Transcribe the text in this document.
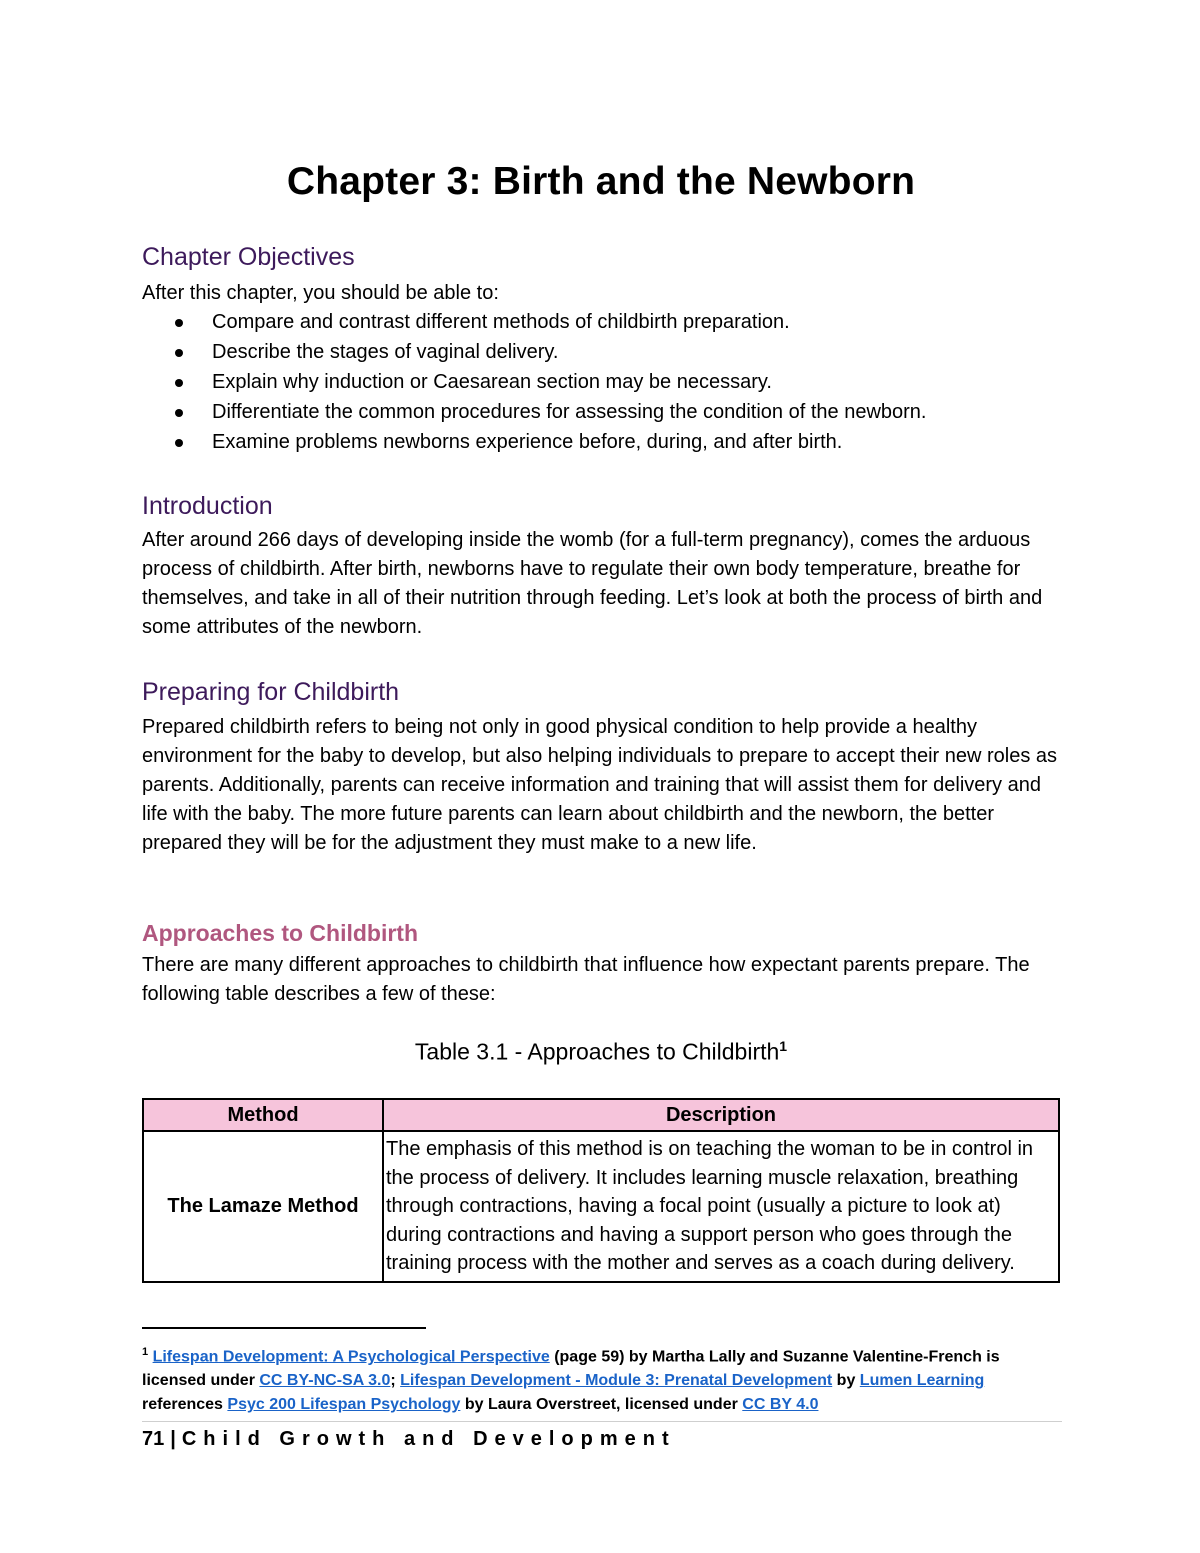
Chapter 3: Birth and the Newborn
Chapter Objectives

After this chapter, you should be able to:

Compare and contrast different methods of childbirth preparation.
Describe the stages of vaginal delivery.
Explain why induction or Caesarean section may be necessary.
Differentiate the common procedures for assessing the condition of the newborn.
Examine problems newborns experience before, during, and after birth.
Introduction

After around 266 days of developing inside the womb (for a full-term pregnancy), comes the arduous process of childbirth. After birth, newborns have to regulate their own body temperature, breathe for themselves, and take in all of their nutrition through feeding. Let’s look at both the process of birth and some attributes of the newborn.

Preparing for Childbirth

Prepared childbirth refers to being not only in good physical condition to help provide a healthy environment for the baby to develop, but also helping individuals to prepare to accept their new roles as parents. Additionally, parents can receive information and training that will assist them for delivery and life with the baby. The more future parents can learn about childbirth and the newborn, the better prepared they will be for the adjustment they must make to a new life.

Approaches to Childbirth

There are many different approaches to childbirth that influence how expectant parents prepare. The following table describes a few of these:

Table 3.1 - Approaches to Childbirth$^1$

Method	Description
The Lamaze Method	The emphasis of this method is on teaching the woman to be in control in the process of delivery. It includes learning muscle relaxation, breathing through contractions, having a focal point (usually a picture to look at) during contractions and having a support person who goes through the training process with the mother and serves as a coach during delivery.

$^1$ Lifespan Development: A Psychological Perspective (page 59) by Martha Lally and Suzanne Valentine-French is licensed under CC BY-NC-SA 3.0; Lifespan Development - Module 3: Prenatal Development by Lumen Learning references Psyc 200 Lifespan Psychology by Laura Overstreet, licensed under CC BY 4.0

71 | Child Growth and Development
